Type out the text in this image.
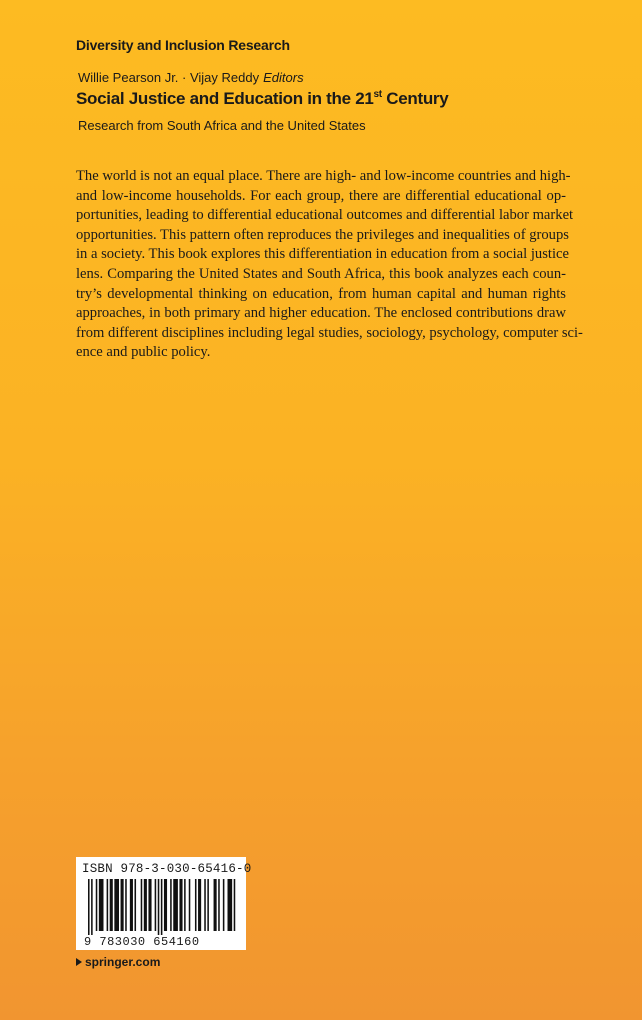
Diversity and Inclusion Research
Willie Pearson Jr. · Vijay Reddy Editors
Social Justice and Education in the 21st Century
Research from South Africa and the United States
The world is not an equal place. There are high- and low-income countries and high-
and low-income households. For each group, there are differential educational op-
portunities, leading to differential educational outcomes and differential labor market
opportunities. This pattern often reproduces the privileges and inequalities of groups
in a society. This book explores this differentiation in education from a social justice
lens. Comparing the United States and South Africa, this book analyzes each coun-
try’s developmental thinking on education, from human capital and human rights
approaches, in both primary and higher education. The enclosed contributions draw
from different disciplines including legal studies, sociology, psychology, computer sci-
ence and public policy.
ISBN 978-3-030-65416-0
9 783030 654160
springer.com
